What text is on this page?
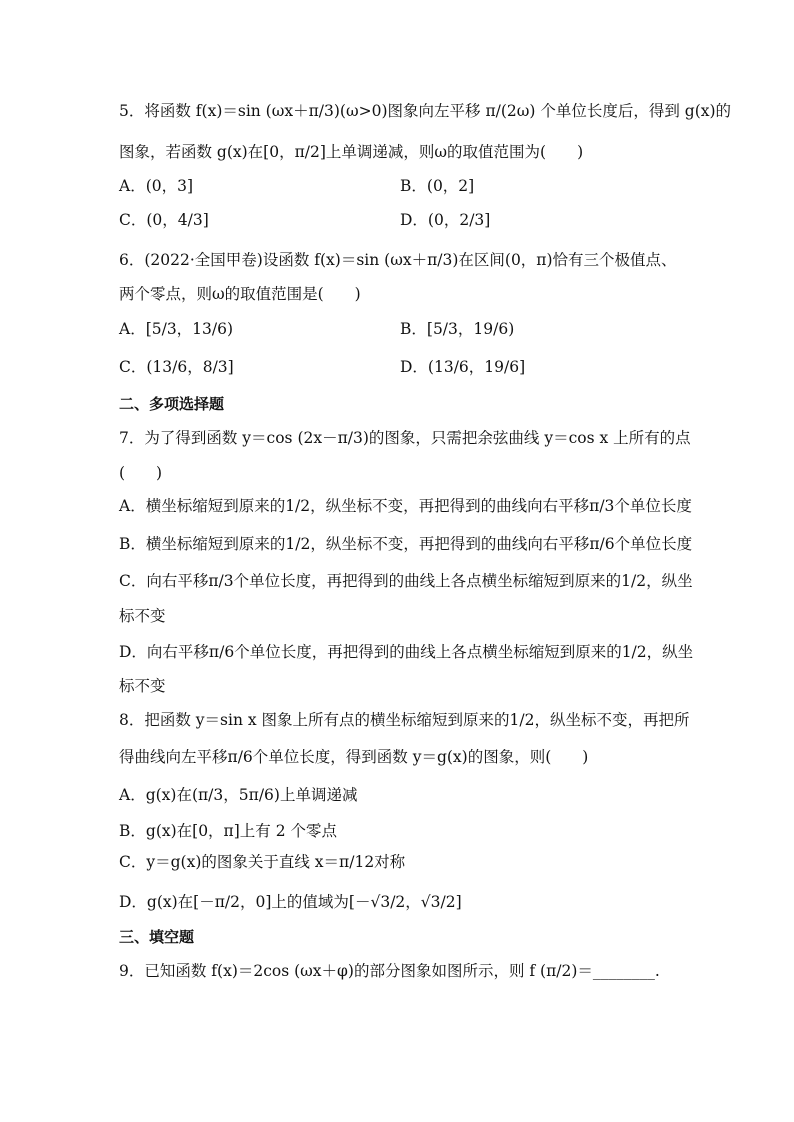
5．将函数 f(x)＝sin (ωx＋π/3)(ω>0)图象向左平移 π/(2ω) 个单位长度后，得到 g(x)的
图象，若函数 g(x)在[0，π/2]上单调递减，则ω的取值范围为(　　)
A．(0，3]	B．(0，2]
C．(0，4/3]	D．(0，2/3]
6．(2022·全国甲卷)设函数 f(x)＝sin (ωx＋π/3)在区间(0，π)恰有三个极值点、
两个零点，则ω的取值范围是(　　)
A．[5/3，13/6)	B．[5/3，19/6)
C．(13/6，8/3]	D．(13/6，19/6]
二、多项选择题
7．为了得到函数 y＝cos (2x－π/3)的图象，只需把余弦曲线 y＝cos x 上所有的点
(　　)
A．横坐标缩短到原来的1/2，纵坐标不变，再把得到的曲线向右平移π/3个单位长度
B．横坐标缩短到原来的1/2，纵坐标不变，再把得到的曲线向右平移π/6个单位长度
C．向右平移π/3个单位长度，再把得到的曲线上各点横坐标缩短到原来的1/2，纵坐
标不变
D．向右平移π/6个单位长度，再把得到的曲线上各点横坐标缩短到原来的1/2，纵坐
标不变
8．把函数 y＝sin x 图象上所有点的横坐标缩短到原来的1/2，纵坐标不变，再把所
得曲线向左平移π/6个单位长度，得到函数 y＝g(x)的图象，则(　　)
A．g(x)在(π/3，5π/6)上单调递减
B．g(x)在[0，π]上有 2 个零点
C．y＝g(x)的图象关于直线 x＝π/12对称
D．g(x)在[－π/2，0]上的值域为[－√3/2，√3/2]
三、填空题
9．已知函数 f(x)＝2cos (ωx＋φ)的部分图象如图所示，则 f (π/2)＝________.
